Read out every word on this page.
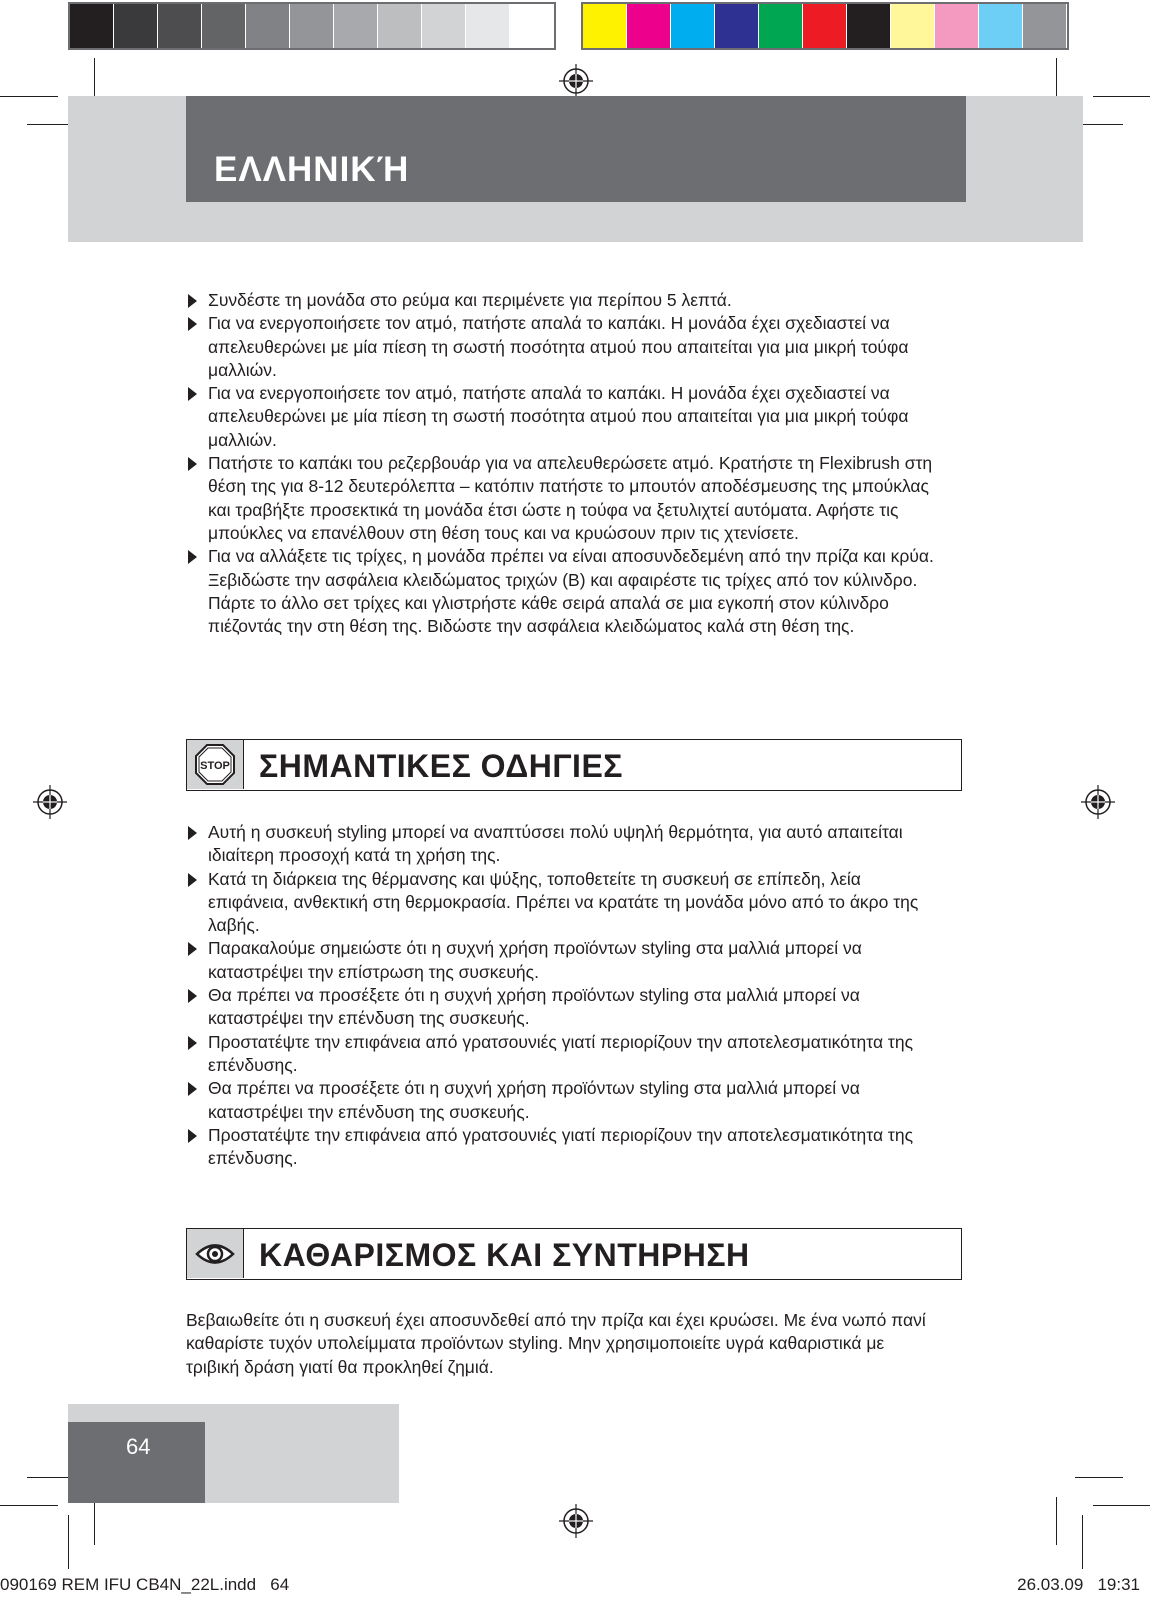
ΕΛΛΗΝΙΚΉ
Συνδέστε τη μονάδα στο ρεύμα και περιμένετε για περίπου 5 λεπτά.
Για να ενεργοποιήσετε τον ατμό, πατήστε απαλά το καπάκι. Η μονάδα έχει σχεδιαστεί να απελευθερώνει με μία πίεση τη σωστή ποσότητα ατμού που απαιτείται για μια μικρή τούφα μαλλιών.
Για να ενεργοποιήσετε τον ατμό, πατήστε απαλά το καπάκι. Η μονάδα έχει σχεδιαστεί να απελευθερώνει με μία πίεση τη σωστή ποσότητα ατμού που απαιτείται για μια μικρή τούφα μαλλιών.
Πατήστε το καπάκι του ρεζερβουάρ για να απελευθερώσετε ατμό. Κρατήστε τη Flexibrush στη θέση της για 8-12 δευτερόλεπτα – κατόπιν πατήστε το μπουτόν αποδέσμευσης της μπούκλας και τραβήξτε προσεκτικά τη μονάδα έτσι ώστε η τούφα να ξετυλιχτεί αυτόματα. Αφήστε τις μπούκλες να επανέλθουν στη θέση τους και να κρυώσουν πριν τις χτενίσετε.
Για να αλλάξετε τις τρίχες, η μονάδα πρέπει να είναι αποσυνδεδεμένη από την πρίζα και κρύα. Ξεβιδώστε την ασφάλεια κλειδώματος τριχών (B) και αφαιρέστε τις τρίχες από τον κύλινδρο. Πάρτε το άλλο σετ τρίχες και γλιστρήστε κάθε σειρά απαλά σε μια εγκοπή στον κύλινδρο πιέζοντάς την στη θέση της. Βιδώστε την ασφάλεια κλειδώματος καλά στη θέση της.
STOP ΣΗΜΑΝΤΙΚΕΣ ΟΔΗΓΙΕΣ
Αυτή η συσκευή styling μπορεί να αναπτύσσει πολύ υψηλή θερμότητα, για αυτό απαιτείται ιδιαίτερη προσοχή κατά τη χρήση της.
Κατά τη διάρκεια της θέρμανσης και ψύξης, τοποθετείτε τη συσκευή σε επίπεδη, λεία επιφάνεια, ανθεκτική στη θερμοκρασία. Πρέπει να κρατάτε τη μονάδα μόνο από το άκρο της λαβής.
Παρακαλούμε σημειώστε ότι η συχνή χρήση προϊόντων styling στα μαλλιά μπορεί να καταστρέψει την επίστρωση της συσκευής.
Θα πρέπει να προσέξετε ότι η συχνή χρήση προϊόντων styling στα μαλλιά μπορεί να καταστρέψει την επένδυση της συσκευής.
Προστατέψτε την επιφάνεια από γρατσουνιές γιατί περιορίζουν την αποτελεσματικότητα της επένδυσης.
Θα πρέπει να προσέξετε ότι η συχνή χρήση προϊόντων styling στα μαλλιά μπορεί να καταστρέψει την επένδυση της συσκευής.
Προστατέψτε την επιφάνεια από γρατσουνιές γιατί περιορίζουν την αποτελεσματικότητα της επένδυσης.
ΚΑΘΑΡΙΣΜΟΣ ΚΑΙ ΣΥΝΤΗΡΗΣΗ

Βεβαιωθείτε ότι η συσκευή έχει αποσυνδεθεί από την πρίζα και έχει κρυώσει. Με ένα νωπό πανί καθαρίστε τυχόν υπολείμματα προϊόντων styling. Μην χρησιμοποιείτε υγρά καθαριστικά με τριβική δράση γιατί θα προκληθεί ζημιά.

64
090169 REM IFU CB4N_22L.indd   64	26.03.09   19:31
